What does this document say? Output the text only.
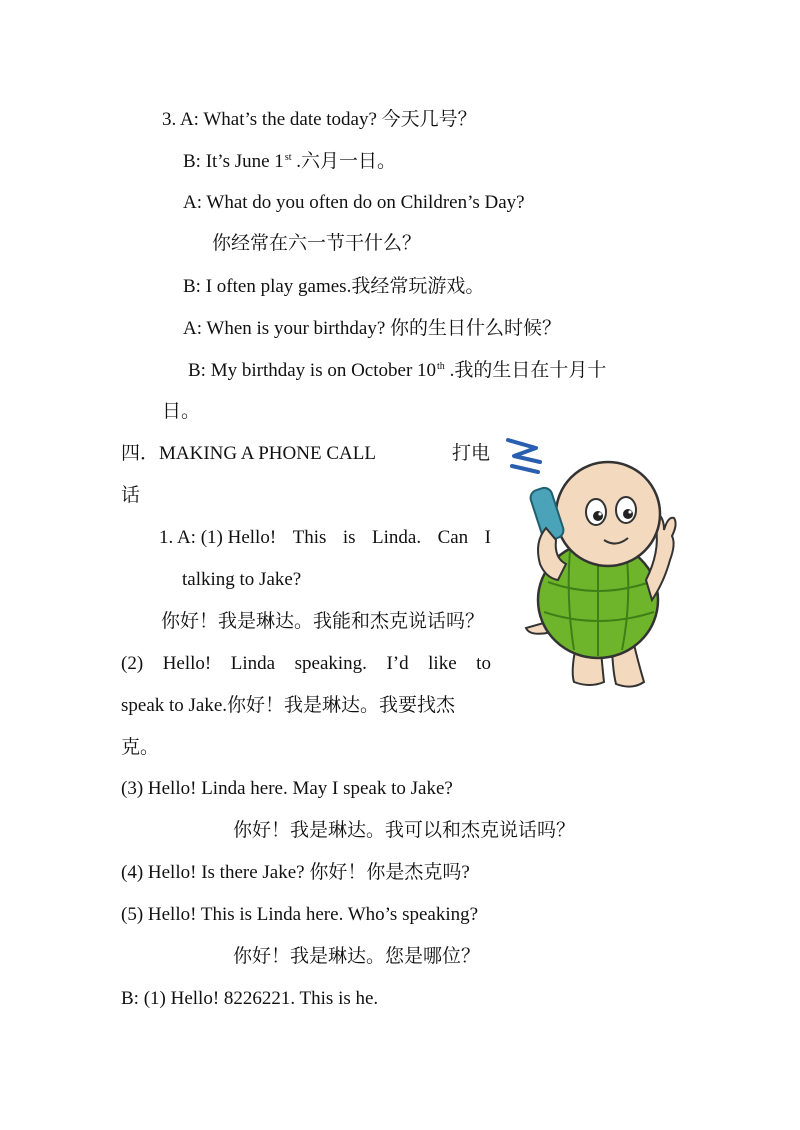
3. A: What’s the date today? 今天几号？
B: It’s June 1st .六月一日。
A: What do you often do on Children’s Day?
你经常在六一节干什么？
B: I often play games.我经常玩游戏。
A: When is your birthday? 你的生日什么时候？
B: My birthday is on October 10th .我的生日在十月十
日。
四．MAKING A PHONE CALL	打电
话
1. A: (1) Hello! This is Linda. Can I
talking to Jake?
你好！我是琳达。我能和杰克说话吗？
(2) Hello! Linda speaking. I’d like to
speak to Jake.你好！我是琳达。我要找杰
克。
(3) Hello! Linda here. May I speak to Jake?
你好！我是琳达。我可以和杰克说话吗？
(4) Hello! Is there Jake? 你好！你是杰克吗?
(5) Hello! This is Linda here. Who’s speaking?
你好！我是琳达。您是哪位？
B: (1) Hello! 8226221. This is he.
